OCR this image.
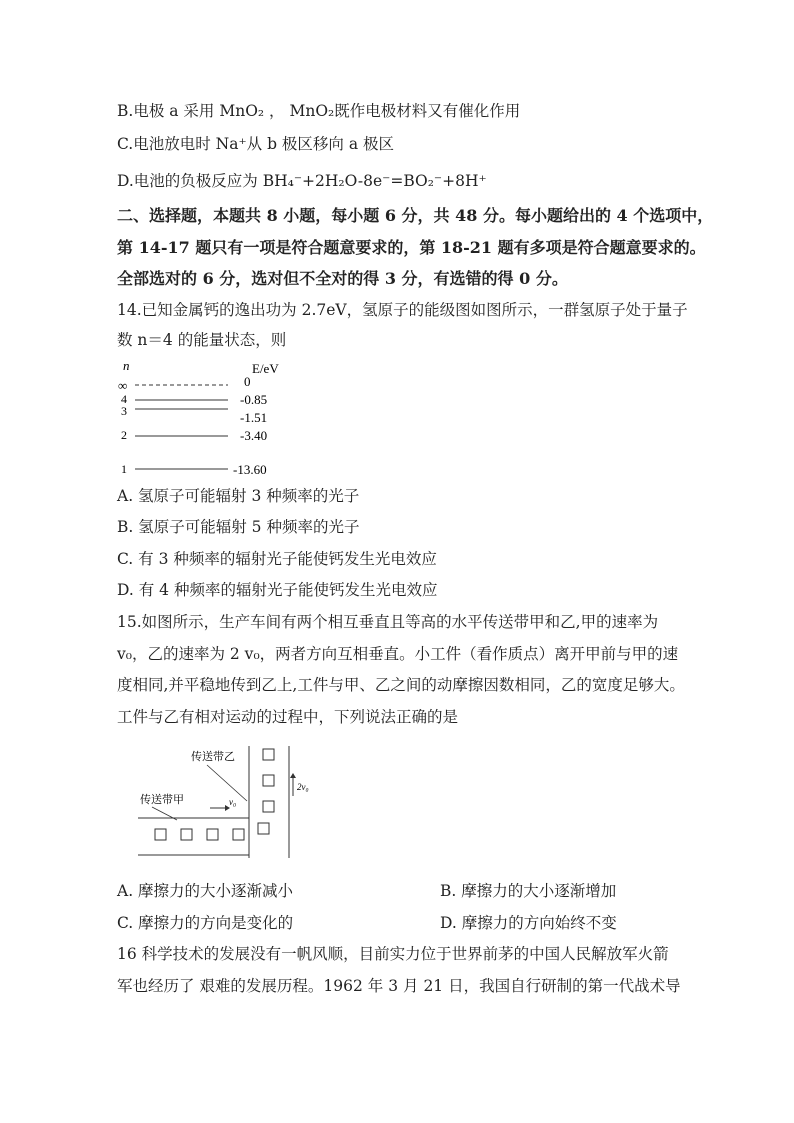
B.电极 a 采用 MnO₂ ， MnO₂既作电极材料又有催化作用
C.电池放电时 Na⁺从 b 极区移向 a 极区
D.电池的负极反应为 BH₄⁻+2H₂O-8e⁻=BO₂⁻+8H⁺
二、选择题，本题共 8 小题，每小题 6 分，共 48 分。每小题给出的 4 个选项中，
第 14-17 题只有一项是符合题意要求的，第 18-21 题有多项是符合题意要求的。
全部选对的 6 分，选对但不全对的得 3 分，有选错的得 0 分。
14.已知金属钙的逸出功为 2.7eV，氢原子的能级图如图所示，一群氢原子处于量子
数 n＝4 的能量状态，则
n	E/eV
∞	0
4	-0.85
3	-1.51
2	-3.40
1	-13.60
A. 氢原子可能辐射 3 种频率的光子
B. 氢原子可能辐射 5 种频率的光子
C. 有 3 种频率的辐射光子能使钙发生光电效应
D. 有 4 种频率的辐射光子能使钙发生光电效应
15.如图所示，生产车间有两个相互垂直且等高的水平传送带甲和乙,甲的速率为
v₀，乙的速率为 2 v₀，两者方向互相垂直。小工件（看作质点）离开甲前与甲的速
度相同,并平稳地传到乙上,工件与甲、乙之间的动摩擦因数相同，乙的宽度足够大。
工件与乙有相对运动的过程中，下列说法正确的是
传送带乙
传送带甲	v₀
2v₀
A. 摩擦力的大小逐渐减小	B. 摩擦力的大小逐渐增加
C. 摩擦力的方向是变化的	D. 摩擦力的方向始终不变
16 科学技术的发展没有一帆风顺，目前实力位于世界前茅的中国人民解放军火箭
军也经历了 艰难的发展历程。1962 年 3 月 21 日，我国自行研制的第一代战术导
